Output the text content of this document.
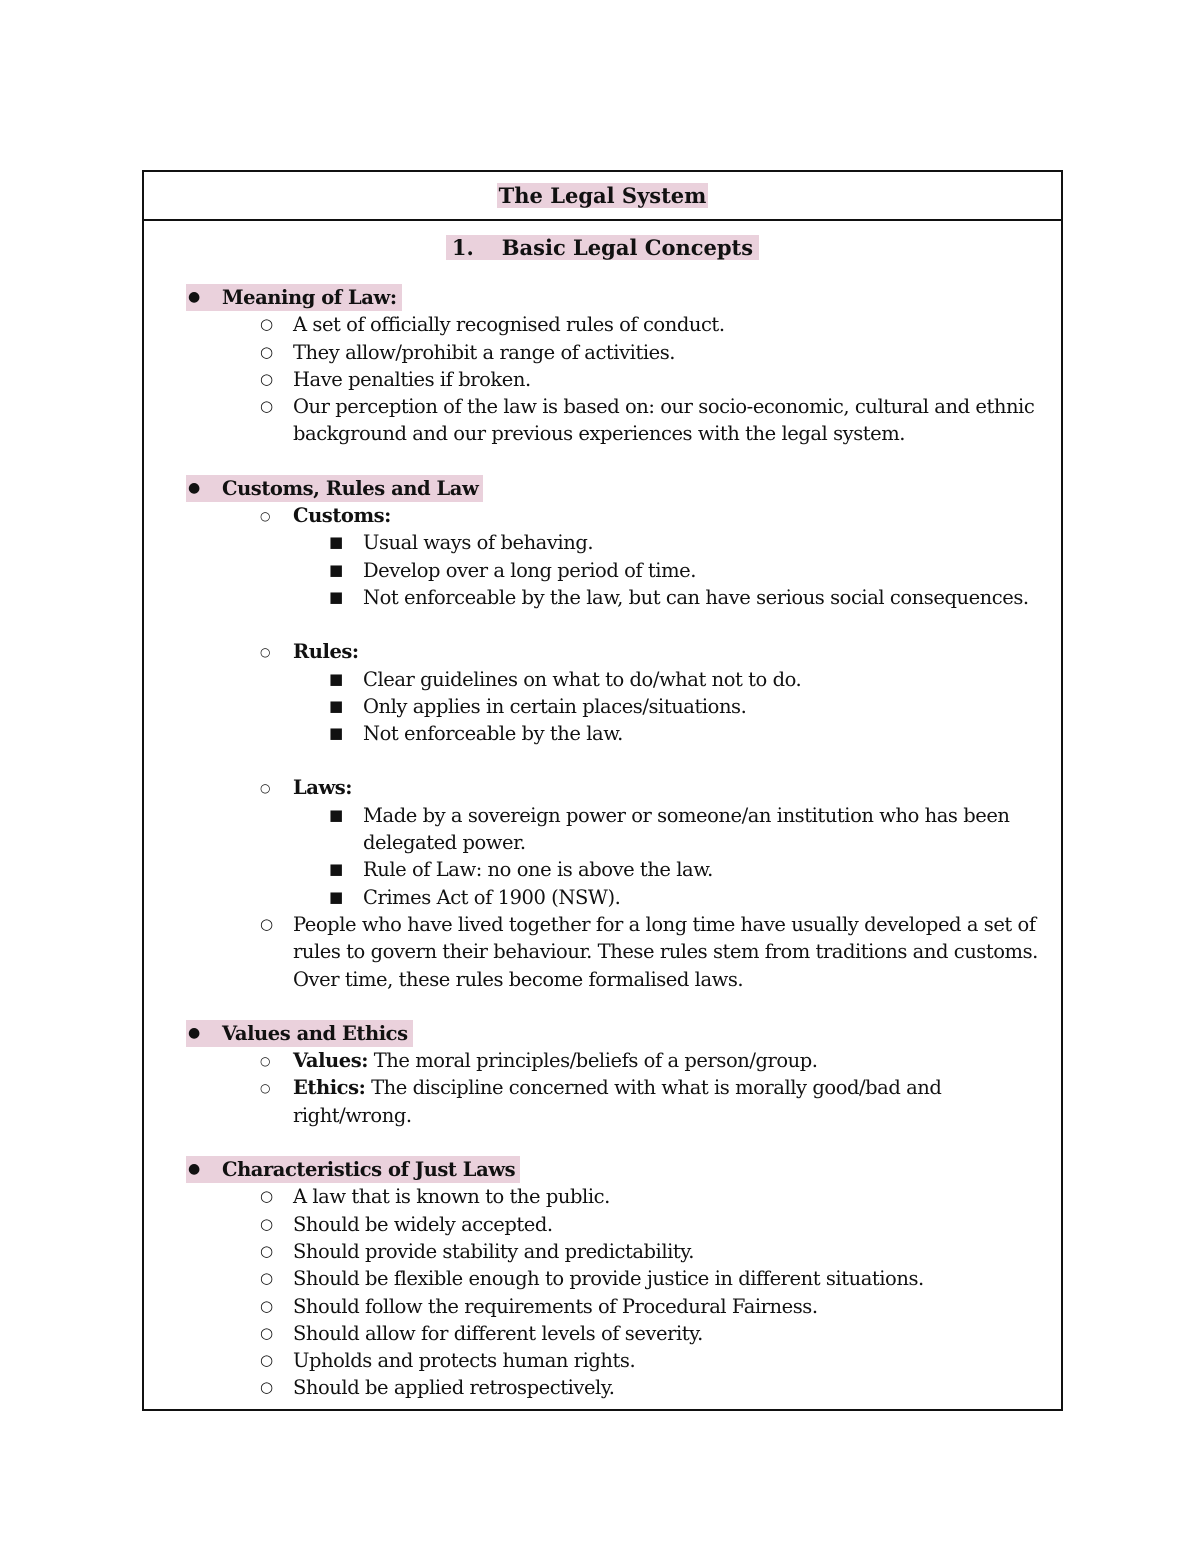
The Legal System
1. Basic Legal Concepts
● Meaning of Law:
○ A set of officially recognised rules of conduct.
○ They allow/prohibit a range of activities.
○ Have penalties if broken.
○ Our perception of the law is based on: our socio-economic, cultural and ethnic background and our previous experiences with the legal system.
● Customs, Rules and Law
○ Customs:
■ Usual ways of behaving.
■ Develop over a long period of time.
■ Not enforceable by the law, but can have serious social consequences.
○ Rules:
■ Clear guidelines on what to do/what not to do.
■ Only applies in certain places/situations.
■ Not enforceable by the law.
○ Laws:
■ Made by a sovereign power or someone/an institution who has been delegated power.
■ Rule of Law: no one is above the law.
■ Crimes Act of 1900 (NSW).
○ People who have lived together for a long time have usually developed a set of rules to govern their behaviour. These rules stem from traditions and customs. Over time, these rules become formalised laws.
● Values and Ethics
○ Values: The moral principles/beliefs of a person/group.
○ Ethics: The discipline concerned with what is morally good/bad and right/wrong.
● Characteristics of Just Laws
○ A law that is known to the public.
○ Should be widely accepted.
○ Should provide stability and predictability.
○ Should be flexible enough to provide justice in different situations.
○ Should follow the requirements of Procedural Fairness.
○ Should allow for different levels of severity.
○ Upholds and protects human rights.
○ Should be applied retrospectively.
